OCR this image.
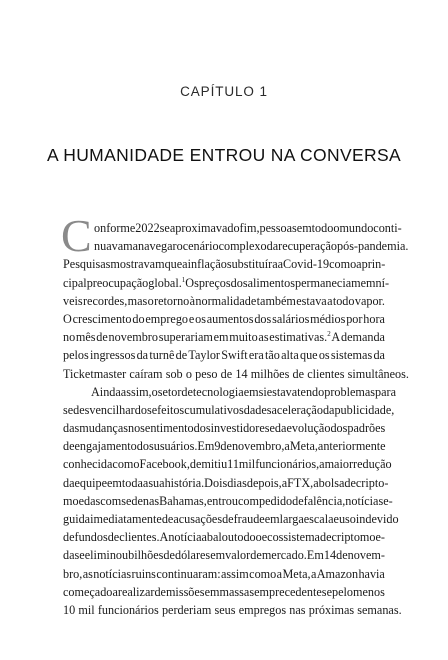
CAPÍTULO 1
A HUMANIDADE ENTROU NA CONVERSA
C onforme 2022 se aproximava do fim, pessoas em todo o mundo conti-
nuavam a navegar o cenário complexo da recuperação pós-pandemia.
Pesquisas mostravam que a inflação substituíra a Covid-19 como a prin-
cipal preocupação global.$^1$ Os preços dos alimentos permaneciam em ní-
veis recordes, mas o retorno à normalidade também estava a todo vapor.
O crescimento do emprego e os aumentos dos salários médios por hora
no mês de novembro superariam em muito as estimativas.$^2$ A demanda
pelos ingressos da turnê de Taylor Swift era tão alta que os sistemas da
Ticketmaster caíram sob o peso de 14 milhões de clientes simultâneos.
Ainda assim, o setor de tecnologia em si estava tendo problemas para
se desvencilhar dos efeitos cumulativos da desaceleração da publicidade,
das mudanças no sentimento dos investidores e da evolução dos padrões
de engajamento dos usuários. Em 9 de novembro, a Meta, anteriormente
conhecida como Facebook, demitiu 11 mil funcionários, a maior redução
da equipe em toda a sua história. Dois dias depois, a FTX, a bolsa de cripto-
moedas com sede nas Bahamas, entrou com pedido de falência, notícia se-
guida imediatamente de acusações de fraude em larga escala e uso indevido
de fundos de clientes. A notícia abalou todo o ecossistema de criptomoe-
das e eliminou bilhões de dólares em valor de mercado. Em 14 de novem-
bro, as notícias ruins continuaram: assim como a Meta, a Amazon havia
começado a realizar demissões em massa sem precedentes e pelo menos
10 mil funcionários perderiam seus empregos nas próximas semanas.
